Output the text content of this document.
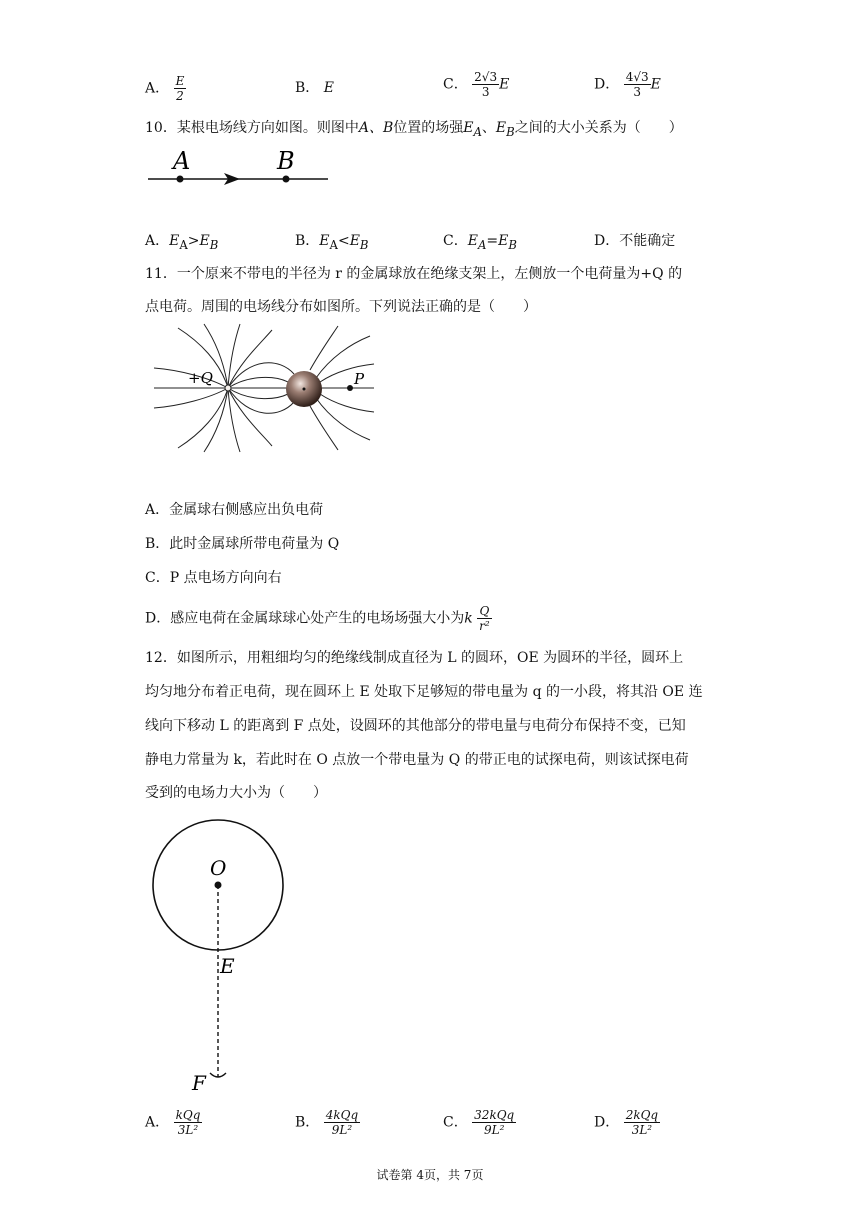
A． $\frac{E}{2}$	B． E	C． $\frac{2√3}{3}$ E	D． $\frac{4√3}{3}$ E
10．某根电场线方向如图。则图中A、B位置的场强$E_A$、$E_B$之间的大小关系为（　　）
A	B
A．$E_A>E_B$	B．$E_A<E_B$	C．$E_A=E_B$	D．不能确定
11．一个原来不带电的半径为 r 的金属球放在绝缘支架上，左侧放一个电荷量为+Q 的
点电荷。周围的电场线分布如图所。下列说法正确的是（　　）
+Q	P
A．金属球右侧感应出负电荷
B．此时金属球所带电荷量为 Q
C．P 点电场方向向右
D．感应电荷在金属球球心处产生的电场场强大小为k $\frac{Q}{\text{r²}}$
12．如图所示，用粗细均匀的绝缘线制成直径为 L 的圆环，OE 为圆环的半径，圆环上
均匀地分布着正电荷，现在圆环上 E 处取下足够短的带电量为 q 的一小段，将其沿 OE 连
线向下移动 L 的距离到 F 点处，设圆环的其他部分的带电量与电荷分布保持不变，已知
静电力常量为 k，若此时在 O 点放一个带电量为 Q 的带正电的试探电荷，则该试探电荷
受到的电场力大小为（　　）
O
E
F
A． $\frac{\text{kQq}}{\text{3L²}}$	B． $\frac{\text{4kQq}}{\text{9L²}}$	C． $\frac{\text{32kQq}}{\text{9L²}}$	D． $\frac{\text{2kQq}}{\text{3L²}}$
试卷第 4页，共 7页
